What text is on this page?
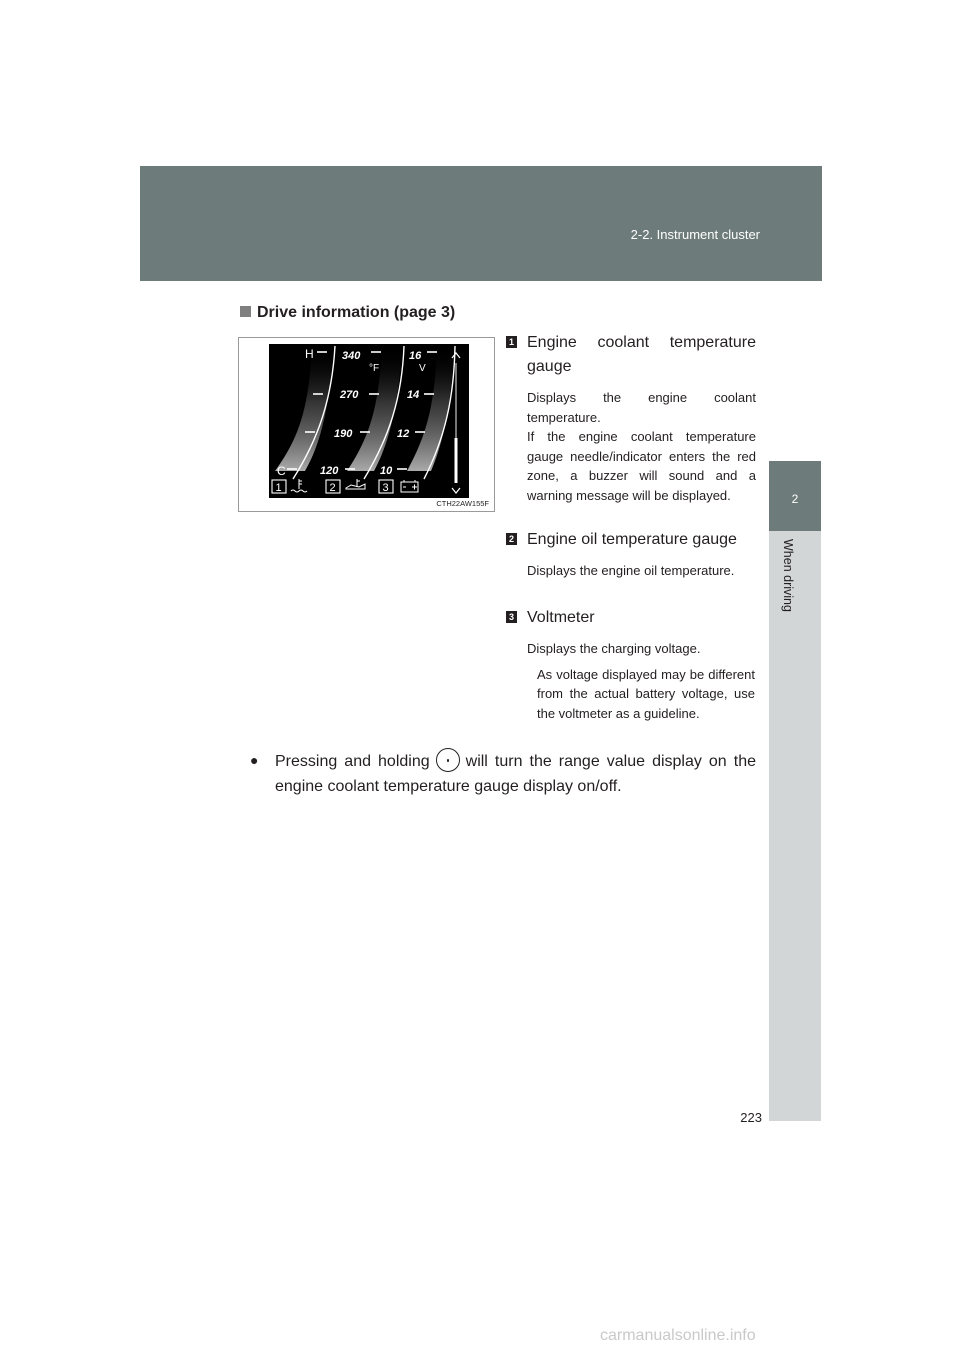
2-2. Instrument cluster
2
When driving
Drive information (page 3)
H
C
340
°F
270
190
120
16
V
14
12
10
1	2	3
CTH22AW155F
1 Engine coolant temperature gauge

Displays the engine coolant temperature.

If the engine coolant temperature gauge needle/indicator enters the red zone, a buzzer will sound and a warning message will be displayed.

2 Engine oil temperature gauge

Displays the engine oil temperature.

3 Voltmeter

Displays the charging voltage.

As voltage displayed may be different from the actual battery voltage, use the voltmeter as a guideline.
● Pressing and holding will turn the range value display on the engine coolant temperature gauge display on/off.
223
carmanualsonline.info
